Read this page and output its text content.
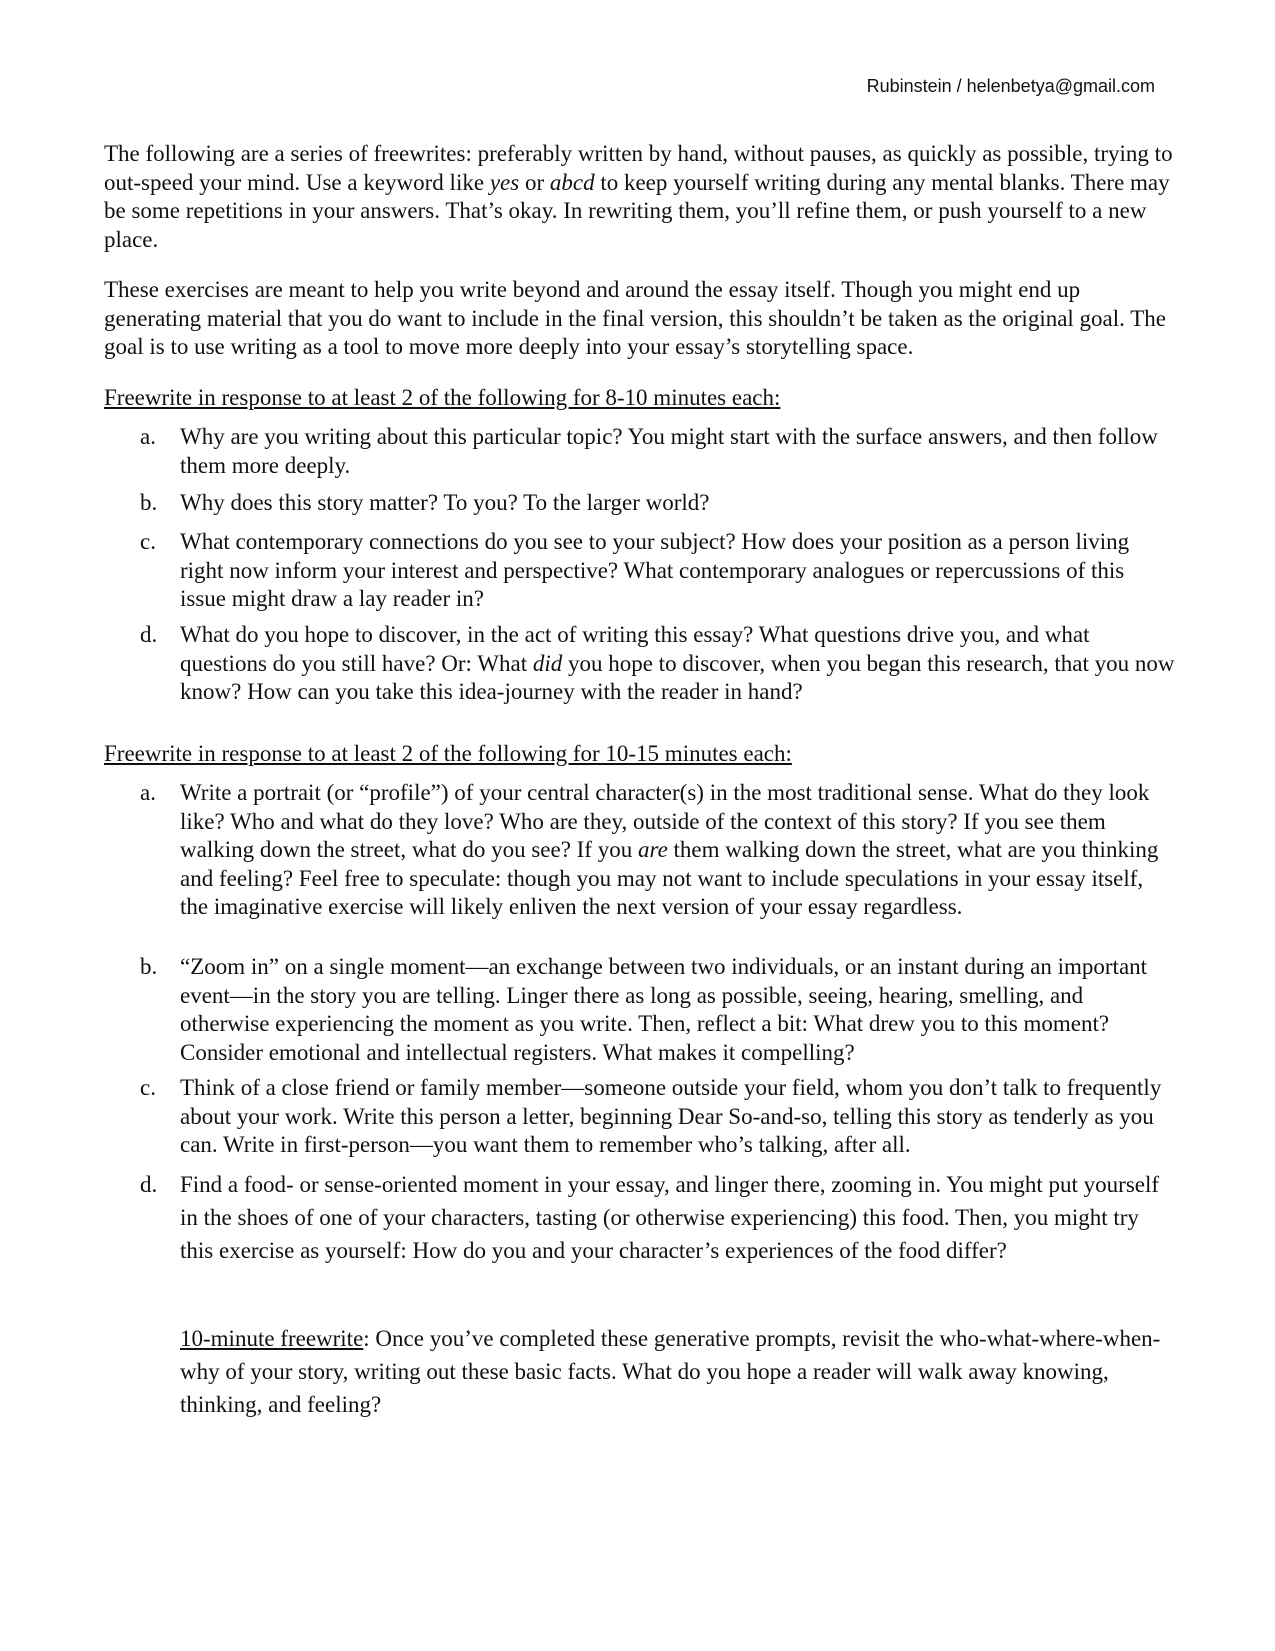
Rubinstein / helenbetya@gmail.com

The following are a series of freewrites: preferably written by hand, without pauses, as quickly as possible, trying to out-speed your mind. Use a keyword like yes or abcd to keep yourself writing during any mental blanks. There may be some repetitions in your answers. That’s okay. In rewriting them, you’ll refine them, or push yourself to a new place.

These exercises are meant to help you write beyond and around the essay itself. Though you might end up generating material that you do want to include in the final version, this shouldn’t be taken as the original goal. The goal is to use writing as a tool to move more deeply into your essay’s storytelling space.

Freewrite in response to at least 2 of the following for 8-10 minutes each:

a.	Why are you writing about this particular topic? You might start with the surface answers, and then follow them more deeply.
b. Why does this story matter? To you? To the larger world?
c.	What contemporary connections do you see to your subject? How does your position as a person living right now inform your interest and perspective? What contemporary analogues or repercussions of this issue might draw a lay reader in?
d. What do you hope to discover, in the act of writing this essay? What questions drive you, and what questions do you still have? Or: What did you hope to discover, when you began this research, that you now know? How can you take this idea-journey with the reader in hand?

Freewrite in response to at least 2 of the following for 10-15 minutes each:

a.	Write a portrait (or “profile”) of your central character(s) in the most traditional sense. What do they look like? Who and what do they love? Who are they, outside of the context of this story? If you see them walking down the street, what do you see? If you are them walking down the street, what are you thinking and feeling? Feel free to speculate: though you may not want to include speculations in your essay itself, the imaginative exercise will likely enliven the next version of your essay regardless.
b. “Zoom in” on a single moment—an exchange between two individuals, or an instant during an important event—in the story you are telling. Linger there as long as possible, seeing, hearing, smelling, and otherwise experiencing the moment as you write. Then, reflect a bit: What drew you to this moment? Consider emotional and intellectual registers. What makes it compelling?
c.	Think of a close friend or family member—someone outside your field, whom you don’t talk to frequently about your work. Write this person a letter, beginning Dear So-and-so, telling this story as tenderly as you can. Write in first-person—you want them to remember who’s talking, after all.
d. Find a food- or sense-oriented moment in your essay, and linger there, zooming in. You might put yourself in the shoes of one of your characters, tasting (or otherwise experiencing) this food. Then, you might try this exercise as yourself: How do you and your character’s experiences of the food differ?
10-minute freewrite: Once you’ve completed these generative prompts, revisit the who-what-where-when-why of your story, writing out these basic facts. What do you hope a reader will walk away knowing, thinking, and feeling?
